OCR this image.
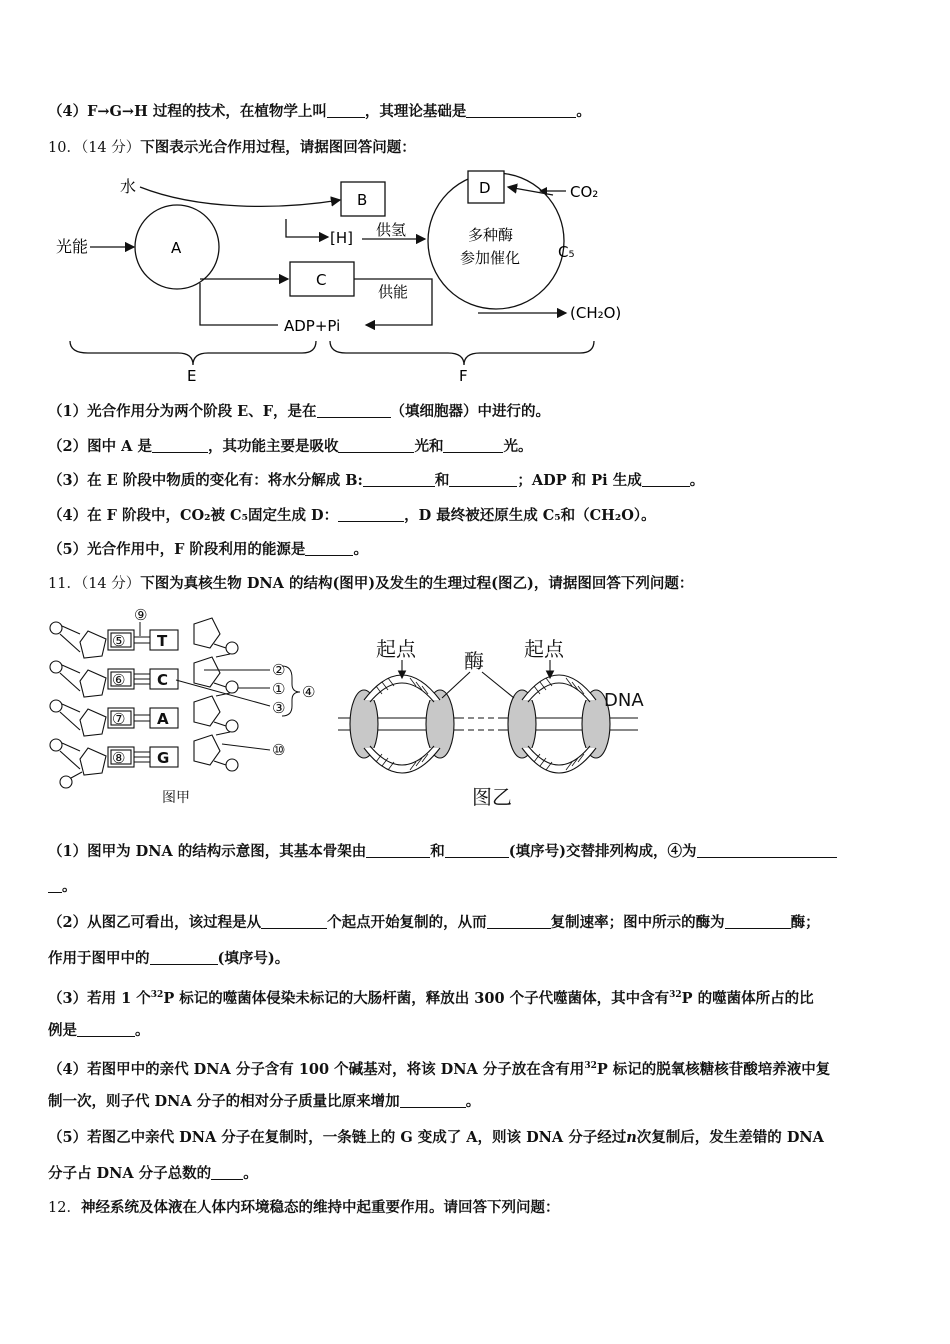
（4）F→G→H 过程的技术，在植物学上叫	，其理论基础是	。
10．（14 分）下图表示光合作用过程，请据图回答问题：
水
B
光能	A
[H] 供氢
C
供能
ADP+Pi
多种酶
参加催化
D	CO₂
C₅
(CH₂O)
E	F
（1）光合作用分为两个阶段 E、F，是在	（填细胞器）中进行的。
（2）图中 A 是	，其功能主要是吸收	光和	光。
（3）在 E 阶段中物质的变化有：将水分解成 B:	和	；ADP 和 Pi 生成	。
（4）在 F 阶段中，CO₂被 C₅固定生成 D：	，D 最终被还原生成 C₅和（CH₂O）。
（5）光合作用中，F 阶段利用的能源是	。
11．（14 分）下图为真核生物 DNA 的结构(图甲)及发生的生理过程(图乙)，请据图回答下列问题：
⑨
⑤
⑥
⑦
⑧
T
C
A
G
②
①
③
④
⑩
图甲
起点 酶 起点
DNA
图乙
（1）图甲为 DNA 的结构示意图，其基本骨架由	和	(填序号)交替排列构成，④为
。
（2）从图乙可看出，该过程是从	个起点开始复制的，从而	复制速率；图中所示的酶为	酶；
作用于图甲中的	(填序号)。
（3）若用 1 个$^{32}$P 标记的噬菌体侵染未标记的大肠杆菌，释放出 300 个子代噬菌体，其中含有$^{32}$P 的噬菌体所占的比
例是	。
（4）若图甲中的亲代 DNA 分子含有 100 个碱基对，将该 DNA 分子放在含有用$^{32}$P 标记的脱氧核糖核苷酸培养液中复
制一次，则子代 DNA 分子的相对分子质量比原来增加	。
（5）若图乙中亲代 DNA 分子在复制时，一条链上的 G 变成了 A，则该 DNA 分子经过n次复制后，发生差错的 DNA
分子占 DNA 分子总数的 。
12．神经系统及体液在人体内环境稳态的维持中起重要作用。请回答下列问题：
